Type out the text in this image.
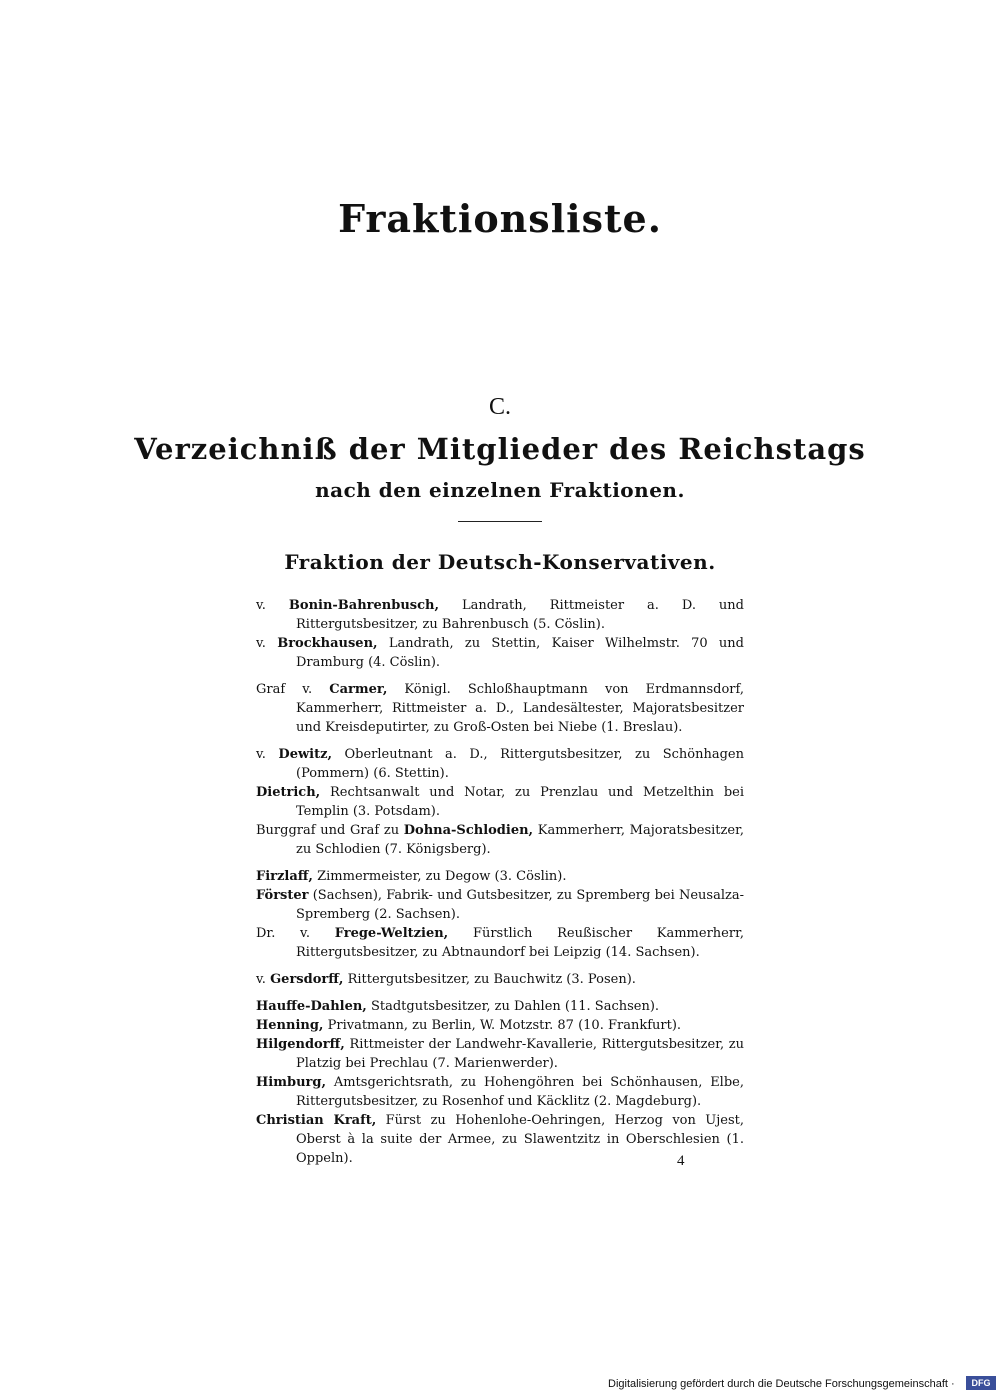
Fraktionsliste.
C.
Verzeichniß der Mitglieder des Reichstags
nach den einzelnen Fraktionen.
Fraktion der Deutsch-Konservativen.
v. Bonin-Bahrenbusch, Landrath, Rittmeister a. D. und Rittergutsbesitzer, zu Bahrenbusch (5. Cöslin).
v. Brockhausen, Landrath, zu Stettin, Kaiser Wilhelmstr. 70 und Dramburg (4. Cöslin).
Graf v. Carmer, Königl. Schloßhauptmann von Erdmannsdorf, Kammerherr, Rittmeister a. D., Landesältester, Majoratsbesitzer und Kreisdeputirter, zu Groß-Osten bei Niebe (1. Breslau).
v. Dewitz, Oberleutnant a. D., Rittergutsbesitzer, zu Schönhagen (Pommern) (6. Stettin).
Dietrich, Rechtsanwalt und Notar, zu Prenzlau und Metzelthin bei Templin (3. Potsdam).
Burggraf und Graf zu Dohna-Schlodien, Kammerherr, Majoratsbesitzer, zu Schlodien (7. Königsberg).
Firzlaff, Zimmermeister, zu Degow (3. Cöslin).
Förster (Sachsen), Fabrik- und Gutsbesitzer, zu Spremberg bei Neusalza-Spremberg (2. Sachsen).
Dr. v. Frege-Weltzien, Fürstlich Reußischer Kammerherr, Rittergutsbesitzer, zu Abtnaundorf bei Leipzig (14. Sachsen).
v. Gersdorff, Rittergutsbesitzer, zu Bauchwitz (3. Posen).
Hauffe-Dahlen, Stadtgutsbesitzer, zu Dahlen (11. Sachsen).
Henning, Privatmann, zu Berlin, W. Motzstr. 87 (10. Frankfurt).
Hilgendorff, Rittmeister der Landwehr-Kavallerie, Rittergutsbesitzer, zu Platzig bei Prechlau (7. Marienwerder).
Himburg, Amtsgerichtsrath, zu Hohengöhren bei Schönhausen, Elbe, Rittergutsbesitzer, zu Rosenhof und Käcklitz (2. Magdeburg).
Christian Kraft, Fürst zu Hohenlohe-Oehringen, Herzog von Ujest, Oberst à la suite der Armee, zu Slawentzitz in Oberschlesien (1. Oppeln).	4
Digitalisierung gefördert durch die Deutsche Forschungsgemeinschaft ·	DFG
